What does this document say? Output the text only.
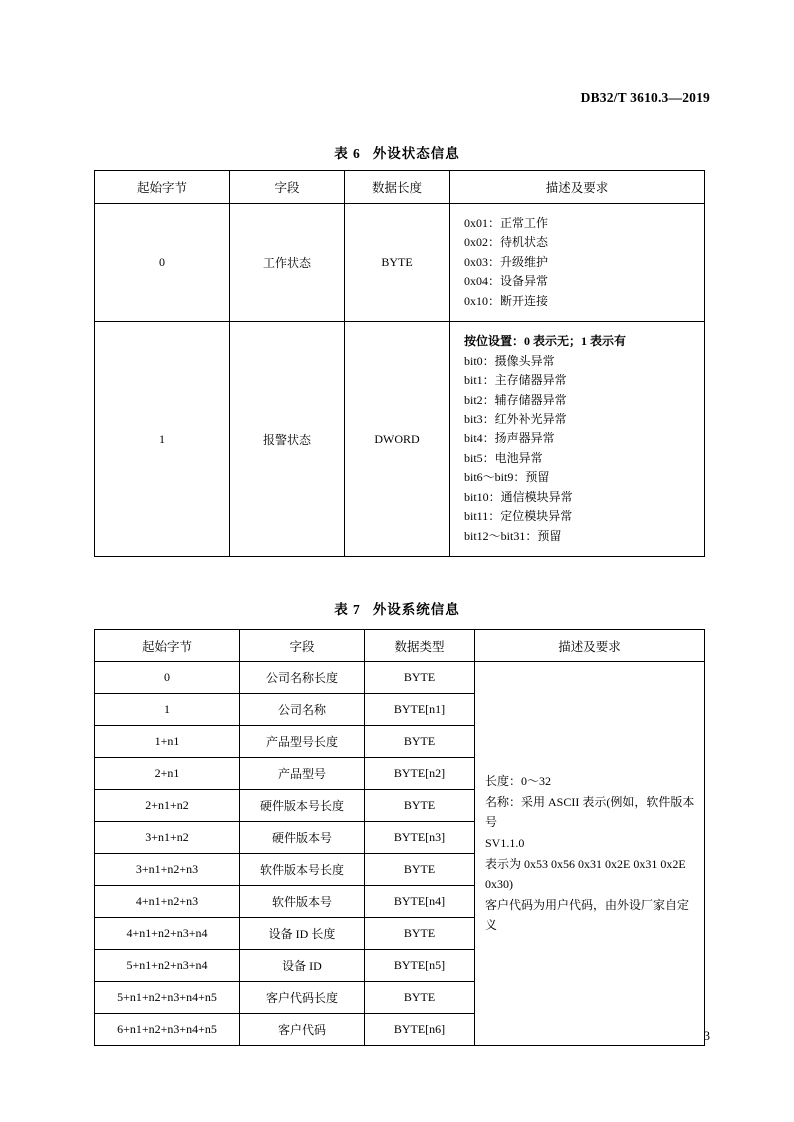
DB32/T 3610.3—2019

表 6 外设状态信息

起始字节	字段	数据长度	描述及要求
0	工作状态	BYTE	0x01：正常工作
0x02：待机状态
0x03：升级维护
0x04：设备异常
0x10：断开连接

1	报警状态	DWORD	
按位设置：0 表示无；1 表示有
bit0：摄像头异常
bit1：主存储器异常
bit2：辅存储器异常
bit3：红外补光异常
bit4：扬声器异常
bit5：电池异常
bit6～bit9：预留
bit10：通信模块异常
bit11：定位模块异常
bit12～bit31：预留

表 7 外设系统信息

起始字节	字段	数据类型	描述及要求
0	公司名称长度	BYTE	
长度：0～32
名称：采用 ASCII 表示(例如，软件版本号
SV1.1.0
表示为 0x53 0x56 0x31 0x2E 0x31 0x2E
0x30)
客户代码为用户代码，由外设厂家自定义

1	公司名称	BYTE[n1]	
1+n1	产品型号长度	BYTE	
2+n1	产品型号	BYTE[n2]	
2+n1+n2	硬件版本号长度	BYTE	
3+n1+n2	硬件版本号	BYTE[n3]	
3+n1+n2+n3	软件版本号长度	BYTE	
4+n1+n2+n3	软件版本号	BYTE[n4]	
4+n1+n2+n3+n4	设备 ID 长度	BYTE	
5+n1+n2+n3+n4	设备 ID	BYTE[n5]	
5+n1+n2+n3+n4+n5	客户代码长度	BYTE	
6+n1+n2+n3+n4+n5	客户代码	BYTE[n6]		3
